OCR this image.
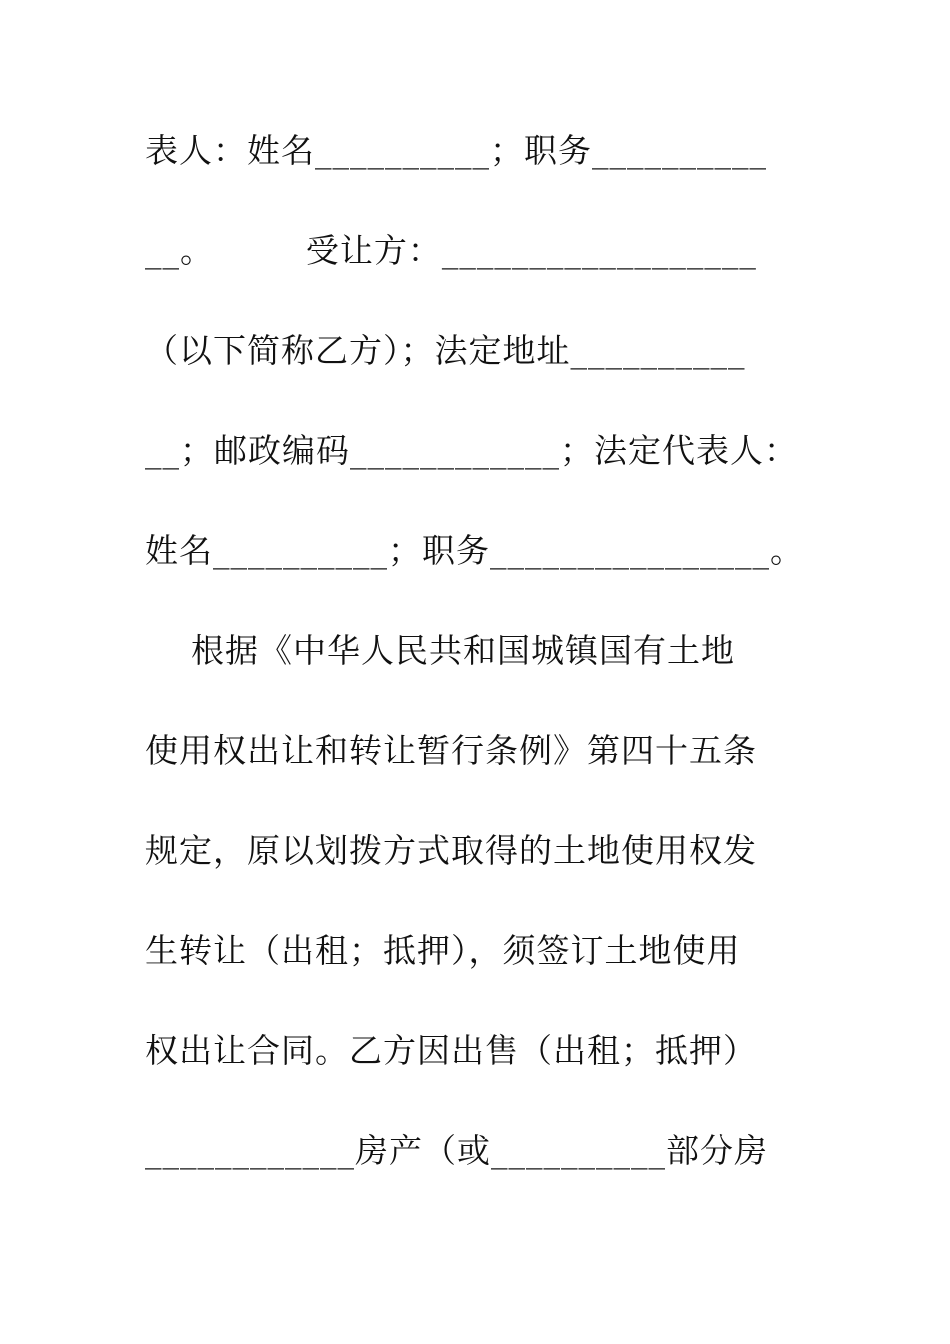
表人：姓名__________；职务__________
__。        受让方：__________________
（以下简称乙方）；法定地址__________
__；邮政编码____________；法定代表人：
姓名__________；职务________________。
根据《中华人民共和国城镇国有土地
使用权出让和转让暂行条例》第四十五条
规定，原以划拨方式取得的土地使用权发
生转让（出租；抵押），须签订土地使用
权出让合同。乙方因出售（出租；抵押）
____________房产（或__________部分房
